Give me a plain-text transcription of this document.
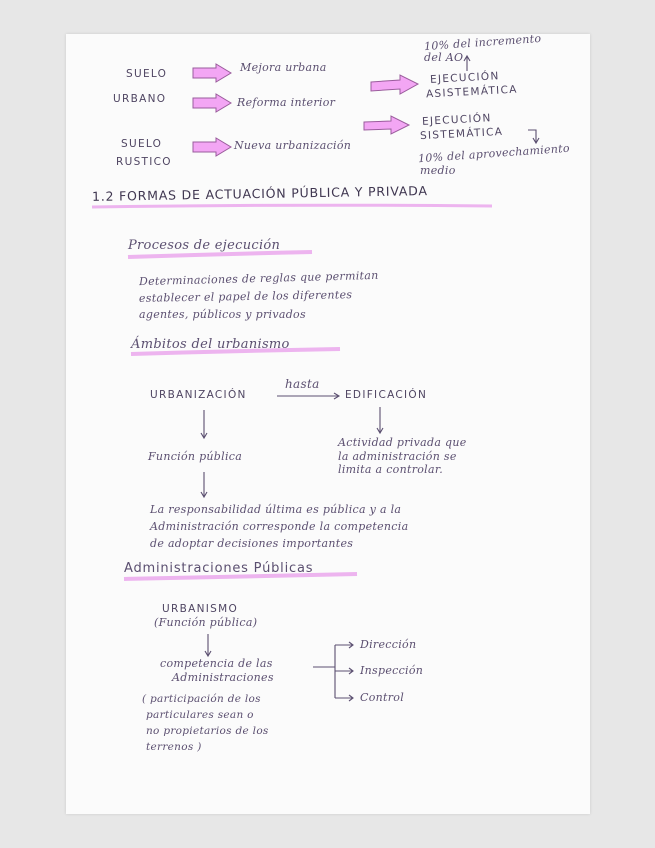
SUELO
URBANO
SUELO
RUSTICO
Mejora urbana
Reforma interior
Nueva urbanización
10% del incremento
del AO
EJECUCIÓN
ASISTEMÁTICA
EJECUCIÓN
SISTEMÁTICA
10% del aprovechamiento
medio
1.2 FORMAS DE ACTUACIÓN PÚBLICA Y PRIVADA
Procesos de ejecución
Determinaciones de reglas que permitan
establecer el papel de los diferentes
agentes, públicos y privados
Ámbitos del urbanismo
URBANIZACIÓN
hasta
EDIFICACIÓN
Función pública
Actividad privada que
la administración se
limita a controlar.
La responsabilidad última es pública y a la
Administración corresponde la competencia
de adoptar decisiones importantes
Administraciones Públicas
URBANISMO
(Función pública)
competencia de las
Administraciones
( participación de los
particulares sean o
no propietarios de los
terrenos )
Dirección
Inspección
Control
